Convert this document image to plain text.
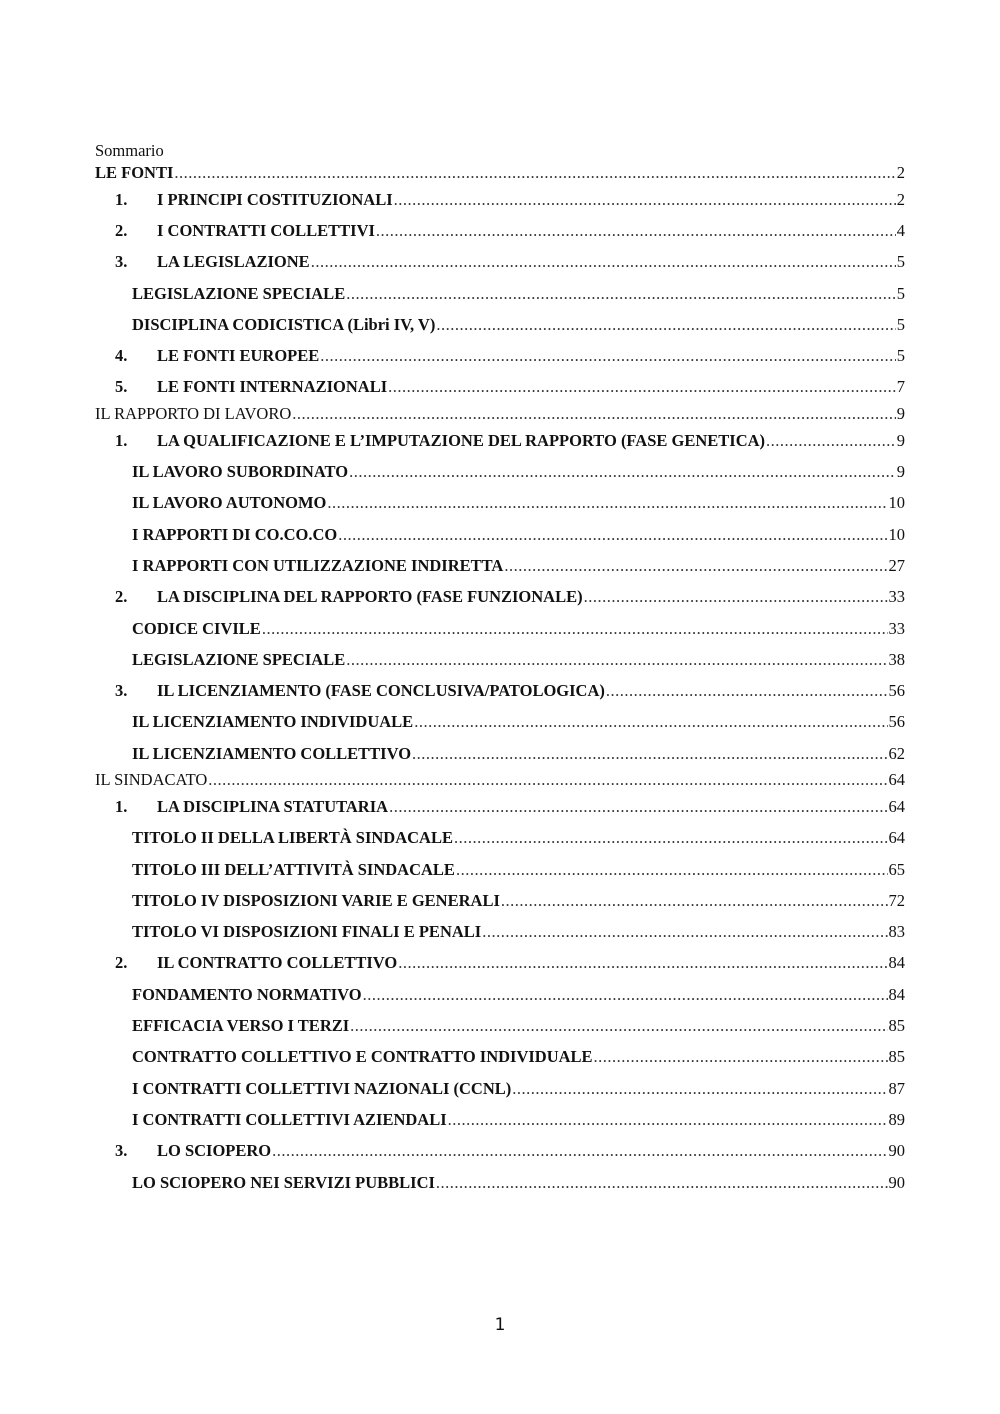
Sommario
LE FONTI .....	2
1.	I PRINCIPI COSTITUZIONALI .....	2
2.	I CONTRATTI COLLETTIVI .....	4
3.	LA LEGISLAZIONE .....	5
LEGISLAZIONE SPECIALE .....	5
DISCIPLINA CODICISTICA (Libri IV, V) .....	5
4.	LE FONTI EUROPEE .....	5
5.	LE FONTI INTERNAZIONALI .....	7
IL RAPPORTO DI LAVORO .....	9
1.	LA QUALIFICAZIONE E L’IMPUTAZIONE DEL RAPPORTO (FASE GENETICA) .....	9
IL LAVORO SUBORDINATO .....	9
IL LAVORO AUTONOMO .....	10
I RAPPORTI DI CO.CO.CO .....	10
I RAPPORTI CON UTILIZZAZIONE INDIRETTA .....	27
2.	LA DISCIPLINA DEL RAPPORTO (FASE FUNZIONALE) .....	33
CODICE CIVILE .....	33
LEGISLAZIONE SPECIALE .....	38
3.	IL LICENZIAMENTO (FASE CONCLUSIVA/PATOLOGICA) .....	56
IL LICENZIAMENTO INDIVIDUALE .....	56
IL LICENZIAMENTO COLLETTIVO .....	62
IL SINDACATO .....	64
1.	LA DISCIPLINA STATUTARIA .....	64
TITOLO II DELLA LIBERTÀ SINDACALE .....	64
TITOLO III DELL’ATTIVITÀ SINDACALE .....	65
TITOLO IV DISPOSIZIONI VARIE E GENERALI .....	72
TITOLO VI DISPOSIZIONI FINALI E PENALI .....	83
2.	IL CONTRATTO COLLETTIVO .....	84
FONDAMENTO NORMATIVO .....	84
EFFICACIA VERSO I TERZI .....	85
CONTRATTO COLLETTIVO E CONTRATTO INDIVIDUALE .....	85
I CONTRATTI COLLETTIVI NAZIONALI (CCNL) .....	87
I CONTRATTI COLLETTIVI AZIENDALI .....	89
3.	LO SCIOPERO .....	90
LO SCIOPERO NEI SERVIZI PUBBLICI .....	90
1
